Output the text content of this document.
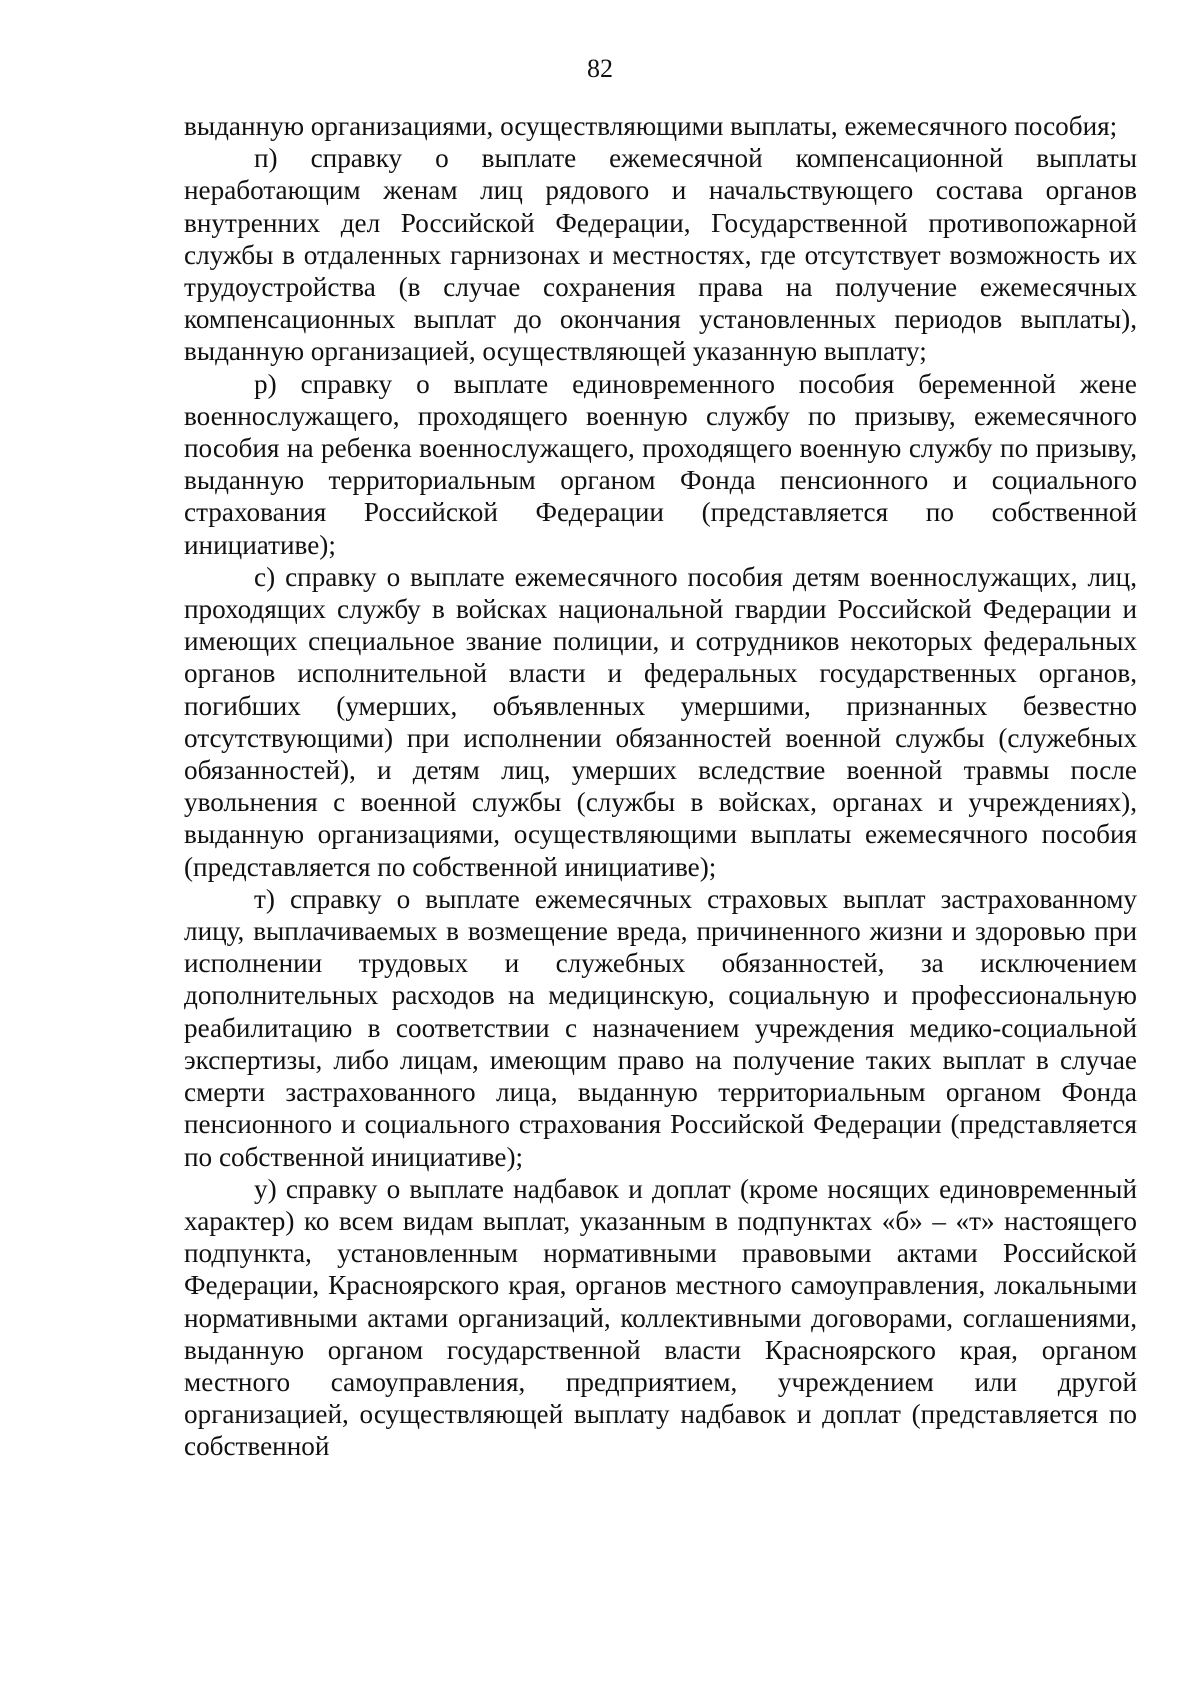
82

выданную организациями, осуществляющими выплаты, ежемесячного пособия;

п) справку о выплате ежемесячной компенсационной выплаты неработающим женам лиц рядового и начальствующего состава органов внутренних дел Российской Федерации, Государственной противопожарной службы в отдаленных гарнизонах и местностях, где отсутствует возможность их трудоустройства (в случае сохранения права на получение ежемесячных компенсационных выплат до окончания установленных периодов выплаты), выданную организацией, осуществляющей указанную выплату;

р) справку о выплате единовременного пособия беременной жене военнослужащего, проходящего военную службу по призыву, ежемесячного пособия на ребенка военнослужащего, проходящего военную службу по призыву, выданную территориальным органом Фонда пенсионного и социального страхования Российской Федерации (представляется по собственной инициативе);

с) справку о выплате ежемесячного пособия детям военнослужащих, лиц, проходящих службу в войсках национальной гвардии Российской Федерации и имеющих специальное звание полиции, и сотрудников некоторых федеральных органов исполнительной власти и федеральных государственных органов, погибших (умерших, объявленных умершими, признанных безвестно отсутствующими) при исполнении обязанностей военной службы (служебных обязанностей), и детям лиц, умерших вследствие военной травмы после увольнения с военной службы (службы в войсках, органах и учреждениях), выданную организациями, осуществляющими выплаты ежемесячного пособия (представляется по собственной инициативе);

т) справку о выплате ежемесячных страховых выплат застрахованному лицу, выплачиваемых в возмещение вреда, причиненного жизни и здоровью при исполнении трудовых и служебных обязанностей, за исключением дополнительных расходов на медицинскую, социальную и профессиональную реабилитацию в соответствии с назначением учреждения медико-социальной экспертизы, либо лицам, имеющим право на получение таких выплат в случае смерти застрахованного лица, выданную территориальным органом Фонда пенсионного и социального страхования Российской Федерации (представляется по собственной инициативе);

у) справку о выплате надбавок и доплат (кроме носящих единовременный характер) ко всем видам выплат, указанным в подпунктах «б» – «т» настоящего подпункта, установленным нормативными правовыми актами Российской Федерации, Красноярского края, органов местного самоуправления, локальными нормативными актами организаций, коллективными договорами, соглашениями, выданную органом государственной власти Красноярского края, органом местного самоуправления, предприятием, учреждением или другой организацией, осуществляющей выплату надбавок и доплат (представляется по собственной
